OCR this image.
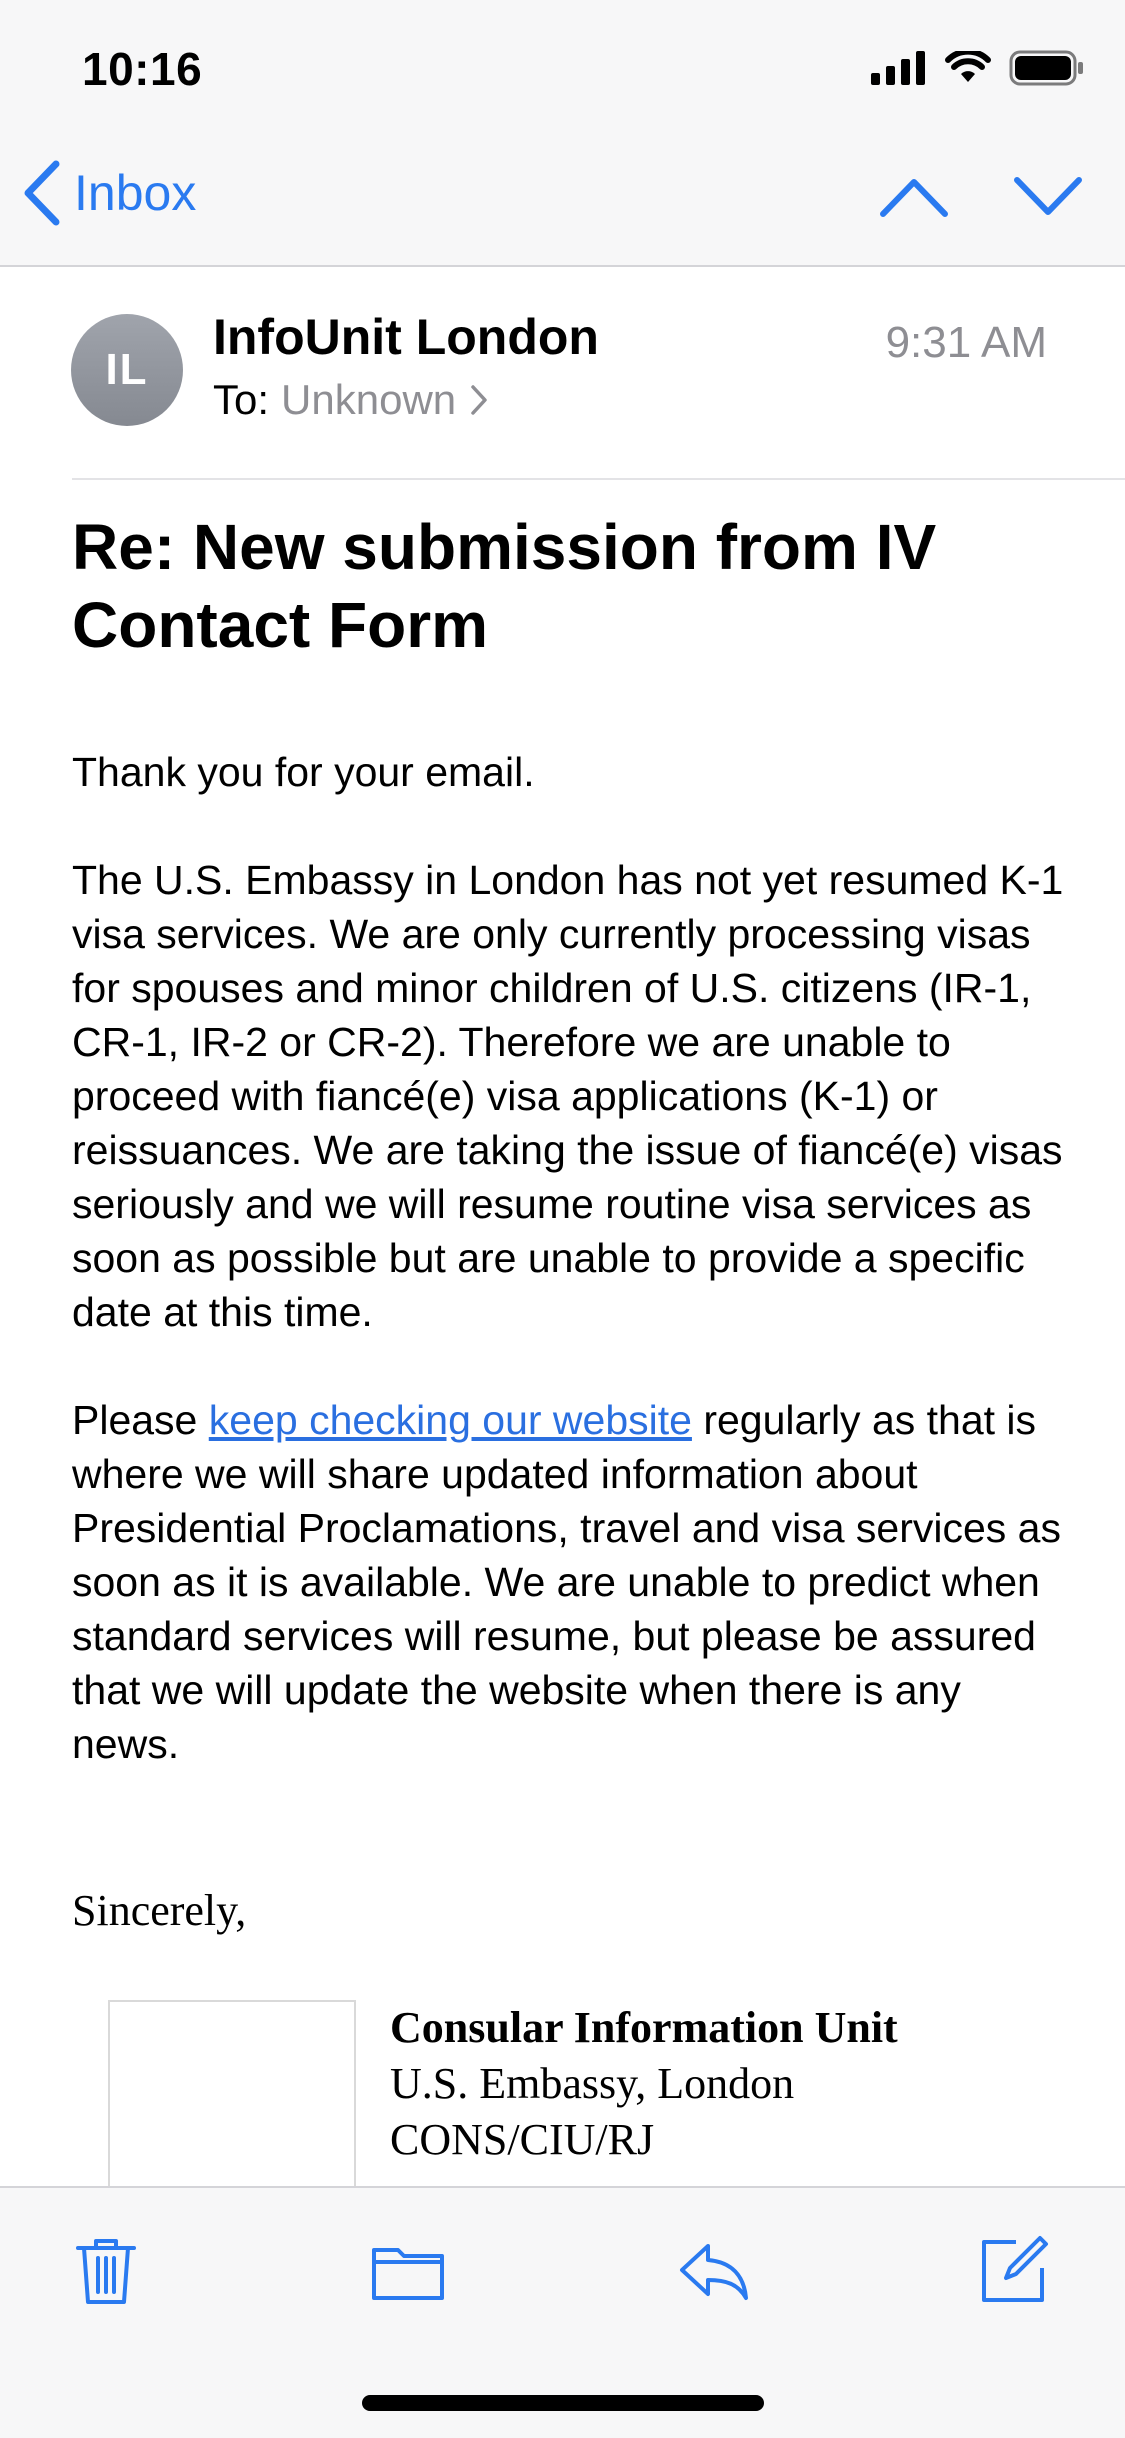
10:16
Inbox
IL
InfoUnit London
To: Unknown
9:31 AM
Re: New submission from IV Contact Form

Thank you for your email.

The U.S. Embassy in London has not yet resumed K-1 visa services. We are only currently processing visas for spouses and minor children of U.S. citizens (IR-1, CR-1, IR-2 or CR-2). Therefore we are unable to proceed with fiancé(e) visa applications (K-1) or reissuances. We are taking the issue of fiancé(e) visas seriously and we will resume routine visa services as soon as possible but are unable to provide a specific date at this time.

Please keep checking our website regularly as that is where we will share updated information about Presidential Proclamations, travel and visa services as soon as it is available. We are unable to predict when standard services will resume, but please be assured that we will update the website when there is any news.

Sincerely,
Consular Information Unit
U.S. Embassy, London
CONS/CIU/RJ
